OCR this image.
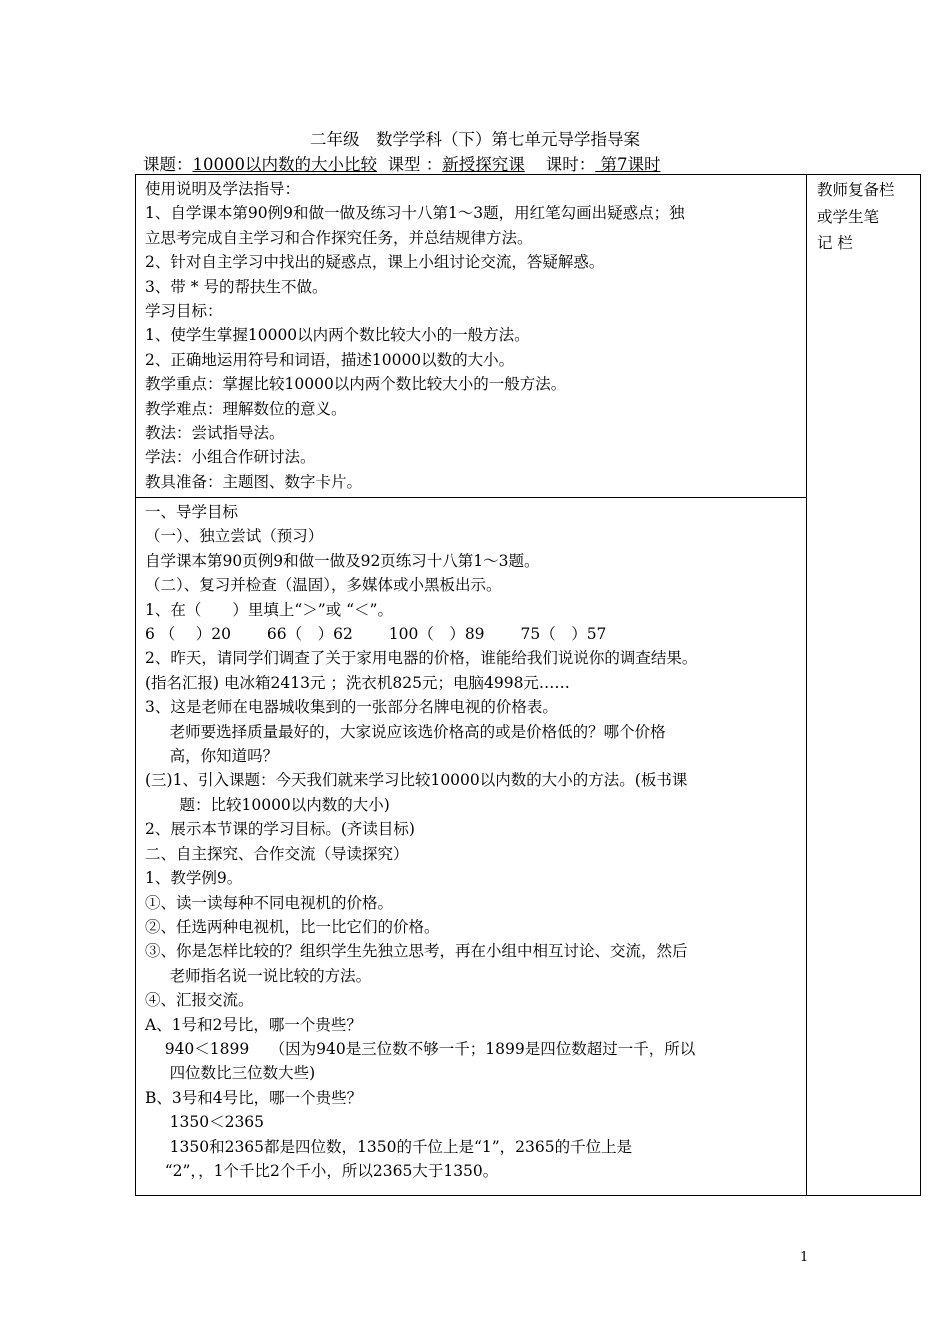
二年级　数学学科（下）第七单元导学指导案
课题：10000以内数的大小比较 课型 ：新授探究课 课时： 第7课时
使用说明及学法指导：
1、自学课本第90例9和做一做及练习十八第1～3题，用红笔勾画出疑惑点；独
立思考完成自主学习和合作探究任务，并总结规律方法。
2、针对自主学习中找出的疑惑点，课上小组讨论交流，答疑解惑。
3、带 * 号的帮扶生不做。
学习目标：
1、使学生掌握10000以内两个数比较大小的一般方法。
2、正确地运用符号和词语，描述10000以数的大小。
教学重点：掌握比较10000以内两个数比较大小的一般方法。
教学难点：理解数位的意义。
教法：尝试指导法。
学法：小组合作研讨法。
教具准备：主题图、数字卡片。
一、导学目标
（一）、独立尝试（预习）
自学课本第90页例9和做一做及92页练习十八第1～3题。
（二）、复习并检查（温固），多媒体或小黑板出示。
1、在（　　）里填上“＞”或 “＜”。
6 （　 ）20　　 66（　）62　　 100（　）89　　 75（　）57
2、昨天，请同学们调查了关于家用电器的价格，谁能给我们说说你的调查结果。
(指名汇报) 电冰箱2413元 ；洗衣机825元；电脑4998元……
3、这是老师在电器城收集到的一张部分名牌电视的价格表。
老师要选择质量最好的，大家说应该选价格高的或是价格低的？哪个价格
高，你知道吗？
(三)1、引入课题：今天我们就来学习比较10000以内数的大小的方法。(板书课
题：比较10000以内数的大小)
2、展示本节课的学习目标。(齐读目标)
二、自主探究、合作交流（导读探究）
1、教学例9。
①、读一读每种不同电视机的价格。
②、任选两种电视机，比一比它们的价格。
③、你是怎样比较的？组织学生先独立思考，再在小组中相互讨论、交流，然后
老师指名说一说比较的方法。
④、汇报交流。
A、1号和2号比，哪一个贵些？
940＜1899　 （因为940是三位数不够一千；1899是四位数超过一千，所以
四位数比三位数大些)
B、3号和4号比，哪一个贵些？
1350＜2365
1350和2365都是四位数，1350的千位上是“1”，2365的千位上是
“2”，，1个千比2个千小，所以2365大于1350。
教师复备栏
或学生笔
记 栏
1
